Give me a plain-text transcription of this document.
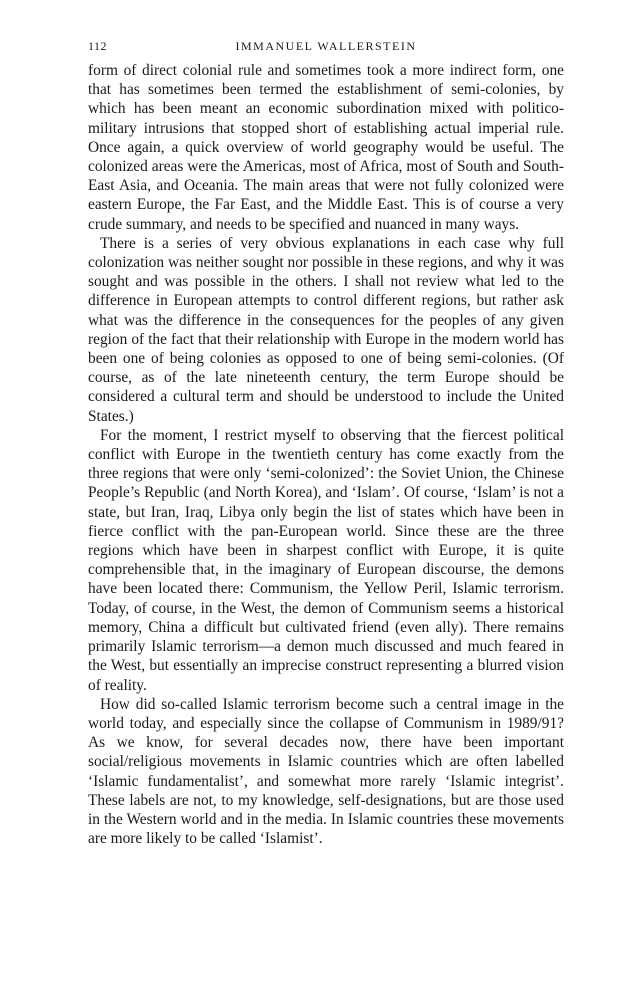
112	IMMANUEL WALLERSTEIN

form of direct colonial rule and sometimes took a more indirect form, one that has sometimes been termed the establishment of semi-colonies, by which has been meant an economic subordination mixed with politico-military intrusions that stopped short of establishing actual imperial rule. Once again, a quick overview of world geography would be useful. The colonized areas were the Americas, most of Africa, most of South and South-East Asia, and Oceania. The main areas that were not fully colonized were eastern Europe, the Far East, and the Middle East. This is of course a very crude summary, and needs to be specified and nuanced in many ways.

There is a series of very obvious explanations in each case why full colonization was neither sought nor possible in these regions, and why it was sought and was possible in the others. I shall not review what led to the difference in European attempts to control different regions, but rather ask what was the difference in the consequences for the peoples of any given region of the fact that their relationship with Europe in the modern world has been one of being colonies as opposed to one of being semi-colonies. (Of course, as of the late nineteenth century, the term Europe should be considered a cultural term and should be understood to include the United States.)

For the moment, I restrict myself to observing that the fiercest political conflict with Europe in the twentieth century has come exactly from the three regions that were only ‘semi-colonized’: the Soviet Union, the Chinese People’s Republic (and North Korea), and ‘Islam’. Of course, ‘Islam’ is not a state, but Iran, Iraq, Libya only begin the list of states which have been in fierce conflict with the pan-European world. Since these are the three regions which have been in sharpest conflict with Europe, it is quite comprehensible that, in the imaginary of European discourse, the demons have been located there: Communism, the Yellow Peril, Islamic terrorism. Today, of course, in the West, the demon of Communism seems a historical memory, China a difficult but cultivated friend (even ally). There remains primarily Islamic terrorism—a demon much discussed and much feared in the West, but essentially an imprecise construct representing a blurred vision of reality.

How did so-called Islamic terrorism become such a central image in the world today, and especially since the collapse of Communism in 1989/91? As we know, for several decades now, there have been important social/religious movements in Islamic countries which are often labelled ‘Islamic fundamentalist’, and somewhat more rarely ‘Islamic integrist’. These labels are not, to my knowledge, self-designations, but are those used in the Western world and in the media. In Islamic countries these movements are more likely to be called ‘Islamist’.
